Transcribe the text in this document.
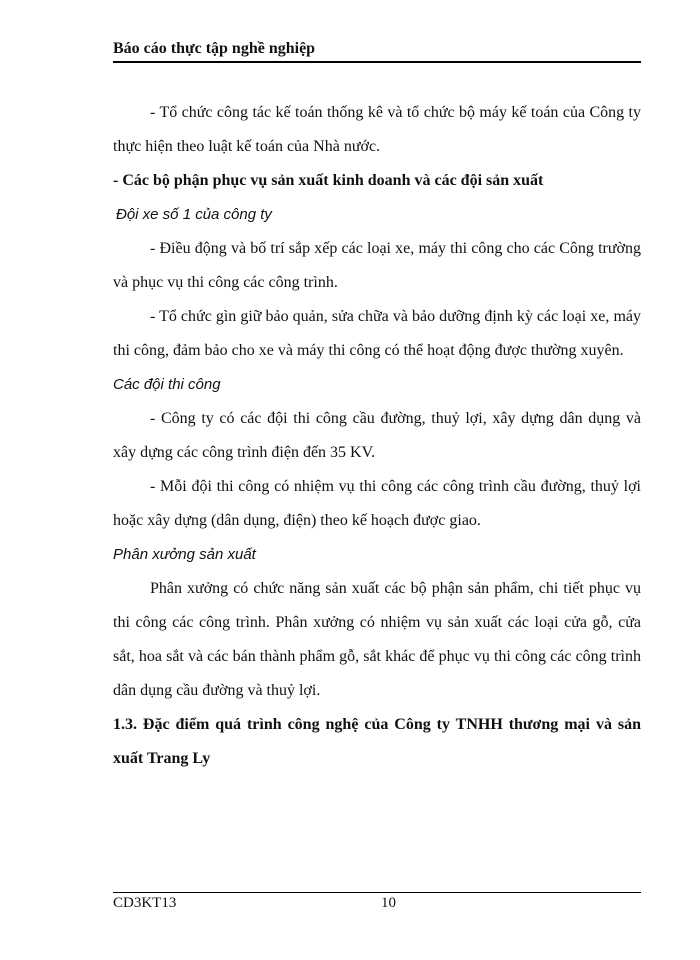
Báo cáo thực tập nghề nghiệp

- Tổ chức công tác kế toán thống kê và tổ chức bộ máy kế toán của Công ty thực hiện theo luật kế toán của Nhà nước.

- Các bộ phận phục vụ sản xuất kinh doanh và các đội sản xuất

Đội xe số 1 của công ty

- Điều động và bố trí sắp xếp các loại xe, máy thi công cho các Công trường và phục vụ thi công các công trình.

- Tổ chức gìn giữ bảo quản, sửa chữa và bảo dưỡng định kỳ các loại xe, máy thi công, đảm bảo cho xe và máy thi công có thể hoạt động được thường xuyên.

Các đội thi công

- Công ty có các đội thi công cầu đường, thuỷ lợi, xây dựng dân dụng và xây dựng các công trình điện đến 35 KV.

- Mỗi đội thi công có nhiệm vụ thi công các công trình cầu đường, thuỷ lợi hoặc xây dựng (dân dụng, điện) theo kế hoạch được giao.

Phân xưởng sản xuất

Phân xưởng có chức năng sản xuất các bộ phận sản phẩm, chi tiết phục vụ thi công các công trình. Phân xưởng có nhiệm vụ sản xuất các loại cửa gỗ, cửa sắt, hoa sắt và các bán thành phẩm gỗ, sắt khác để phục vụ thi công các công trình dân dụng cầu đường và thuỷ lợi.

1.3. Đặc điểm quá trình công nghệ của Công ty TNHH thương mại và sản xuất Trang Ly

CD3KT13	10
